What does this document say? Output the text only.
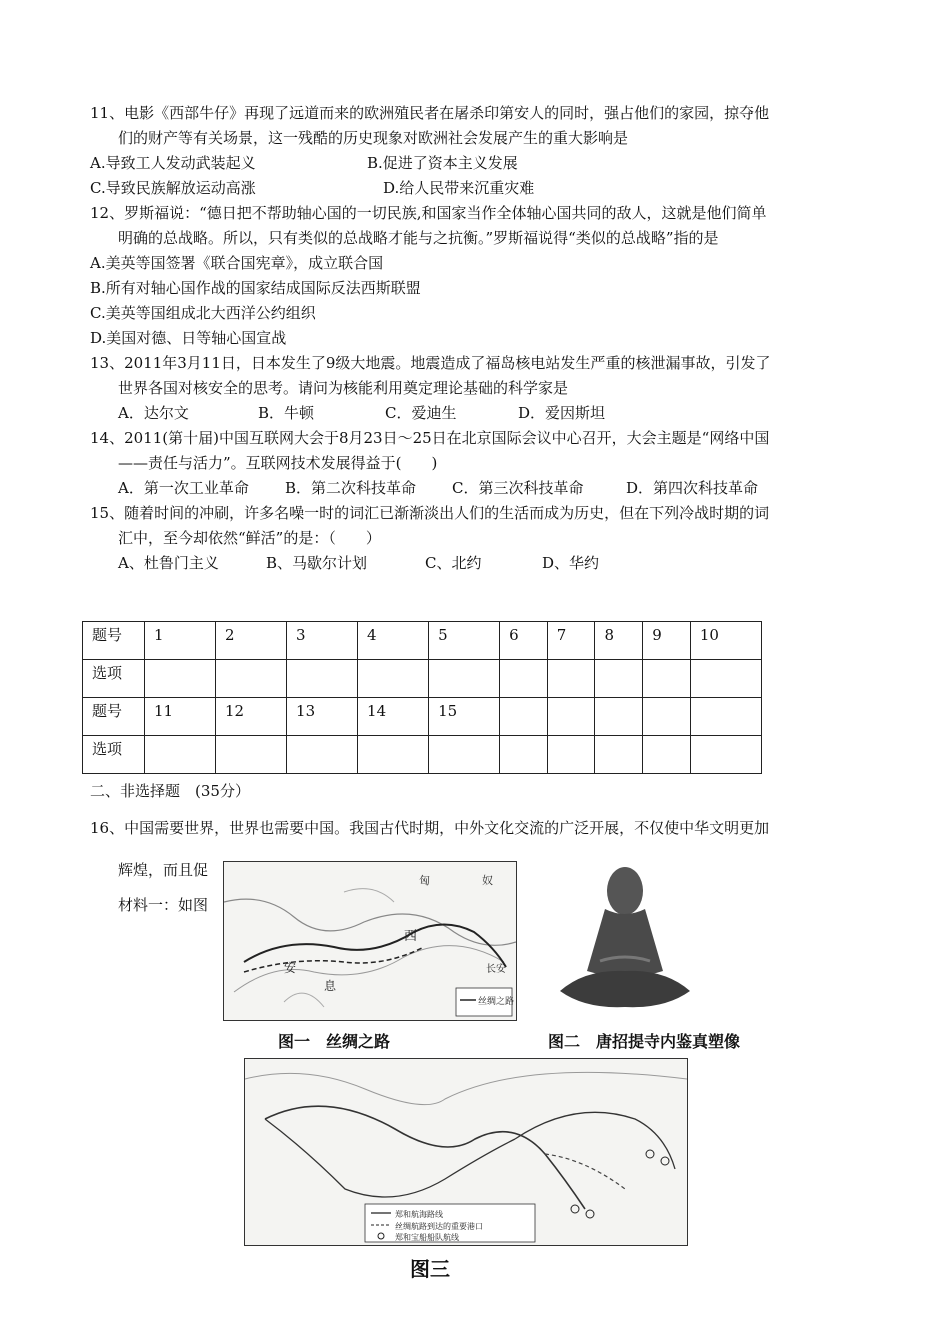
11、电影《西部牛仔》再现了远道而来的欧洲殖民者在屠杀印第安人的同时，强占他们的家园，掠夺他
们的财产等有关场景，这一残酷的历史现象对欧洲社会发展产生的重大影响是
A.导致工人发动武装起义	B.促进了资本主义发展
C.导致民族解放运动高涨	D.给人民带来沉重灾难
12、罗斯福说：“德日把不帮助轴心国的一切民族,和国家当作全体轴心国共同的敌人，这就是他们简单
明确的总战略。所以，只有类似的总战略才能与之抗衡。”罗斯福说得“类似的总战略”指的是
A.美英等国签署《联合国宪章》，成立联合国
B.所有对轴心国作战的国家结成国际反法西斯联盟
C.美英等国组成北大西洋公约组织
D.美国对德、日等轴心国宣战
13、2011年3月11日，日本发生了9级大地震。地震造成了福岛核电站发生严重的核泄漏事故，引发了
世界各国对核安全的思考。请问为核能利用奠定理论基础的科学家是
A．达尔文	B．牛顿	C．爱迪生	D．爱因斯坦
14、2011(第十届)中国互联网大会于8月23日～25日在北京国际会议中心召开，大会主题是“网络中国
——责任与活力”。互联网技术发展得益于(　　)
A．第一次工业革命 B．第二次科技革命 C．第三次科技革命	D．第四次科技革命
15、随着时间的冲刷，许多名噪一时的词汇已渐渐淡出人们的生活而成为历史，但在下列冷战时期的词
汇中，至今却依然“鲜活”的是：（　　）
A、杜鲁门主义	B、马歇尔计划	C、北约	D、华约
题号	1	2	3	4	5	6	7	8	9	10
选项										
题号	11	12	13	14	15					
选项										
二、非选择题　(35分）
16、中国需要世界，世界也需要中国。我国古代时期，中外文化交流的广泛开展，不仅使中华文明更加
辉煌，而且促
材料一：如图
匈	奴
西
长安
安
息
丝绸之路
图一　丝绸之路	图二　唐招提寺内鉴真塑像
郑和航海路线
丝绸航路到达的重要港口
郑和宝船船队航线
图三
